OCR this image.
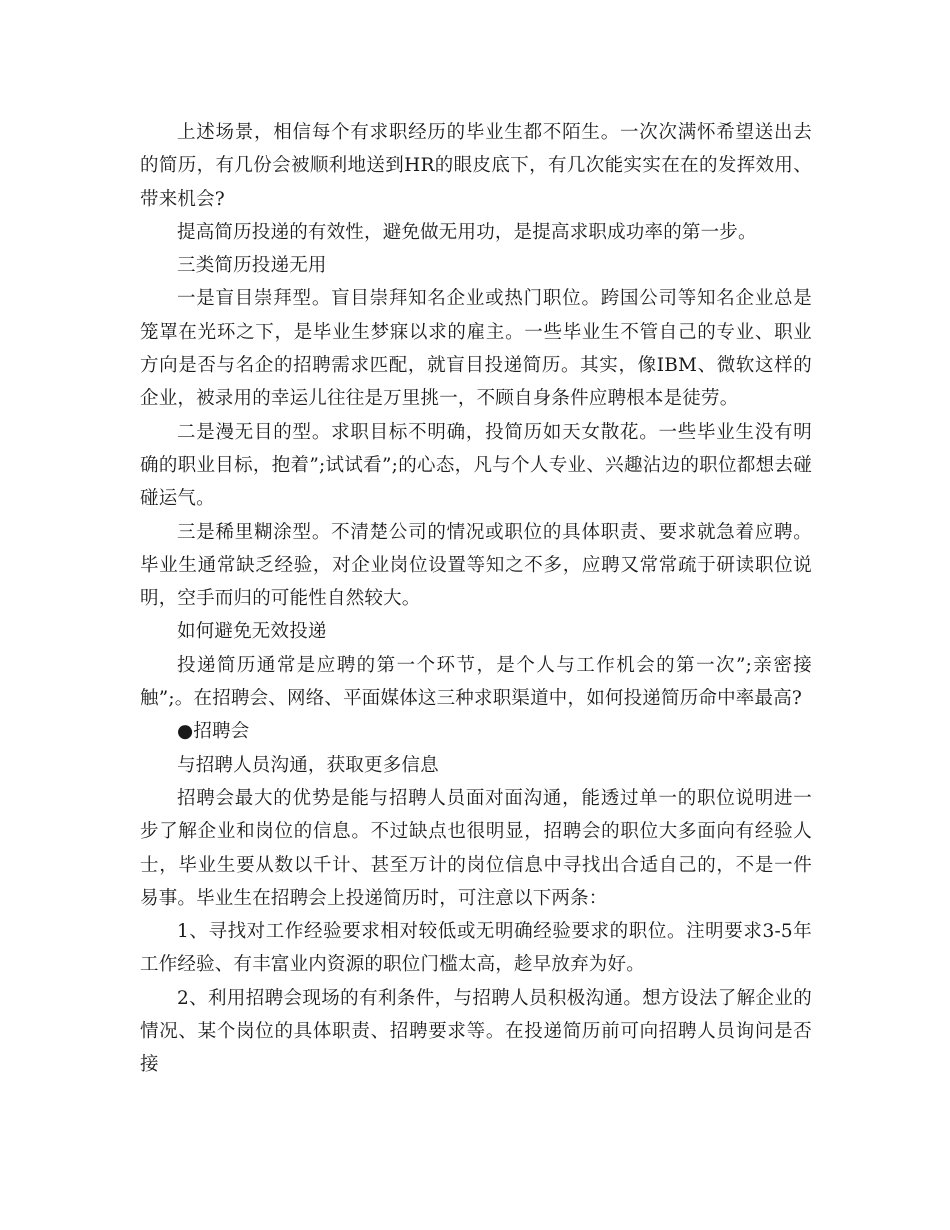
上述场景，相信每个有求职经历的毕业生都不陌生。一次次满怀希望送出去的简历，有几份会被顺利地送到HR的眼皮底下，有几次能实实在在的发挥效用、带来机会?

提高简历投递的有效性，避免做无用功，是提高求职成功率的第一步。

三类简历投递无用

一是盲目崇拜型。盲目崇拜知名企业或热门职位。跨国公司等知名企业总是笼罩在光环之下，是毕业生梦寐以求的雇主。一些毕业生不管自己的专业、职业方向是否与名企的招聘需求匹配，就盲目投递简历。其实，像IBM、微软这样的企业，被录用的幸运儿往往是万里挑一，不顾自身条件应聘根本是徒劳。

二是漫无目的型。求职目标不明确，投简历如天女散花。一些毕业生没有明确的职业目标，抱着”;试试看”;的心态，凡与个人专业、兴趣沾边的职位都想去碰碰运气。

三是稀里糊涂型。不清楚公司的情况或职位的具体职责、要求就急着应聘。毕业生通常缺乏经验，对企业岗位设置等知之不多，应聘又常常疏于研读职位说明，空手而归的可能性自然较大。

如何避免无效投递

投递简历通常是应聘的第一个环节，是个人与工作机会的第一次”;亲密接触”;。在招聘会、网络、平面媒体这三种求职渠道中，如何投递简历命中率最高?

●招聘会

与招聘人员沟通，获取更多信息

招聘会最大的优势是能与招聘人员面对面沟通，能透过单一的职位说明进一步了解企业和岗位的信息。不过缺点也很明显，招聘会的职位大多面向有经验人士，毕业生要从数以千计、甚至万计的岗位信息中寻找出合适自己的，不是一件易事。毕业生在招聘会上投递简历时，可注意以下两条：

1、寻找对工作经验要求相对较低或无明确经验要求的职位。注明要求3-5年工作经验、有丰富业内资源的职位门槛太高，趁早放弃为好。

2、利用招聘会现场的有利条件，与招聘人员积极沟通。想方设法了解企业的情况、某个岗位的具体职责、招聘要求等。在投递简历前可向招聘人员询问是否接
